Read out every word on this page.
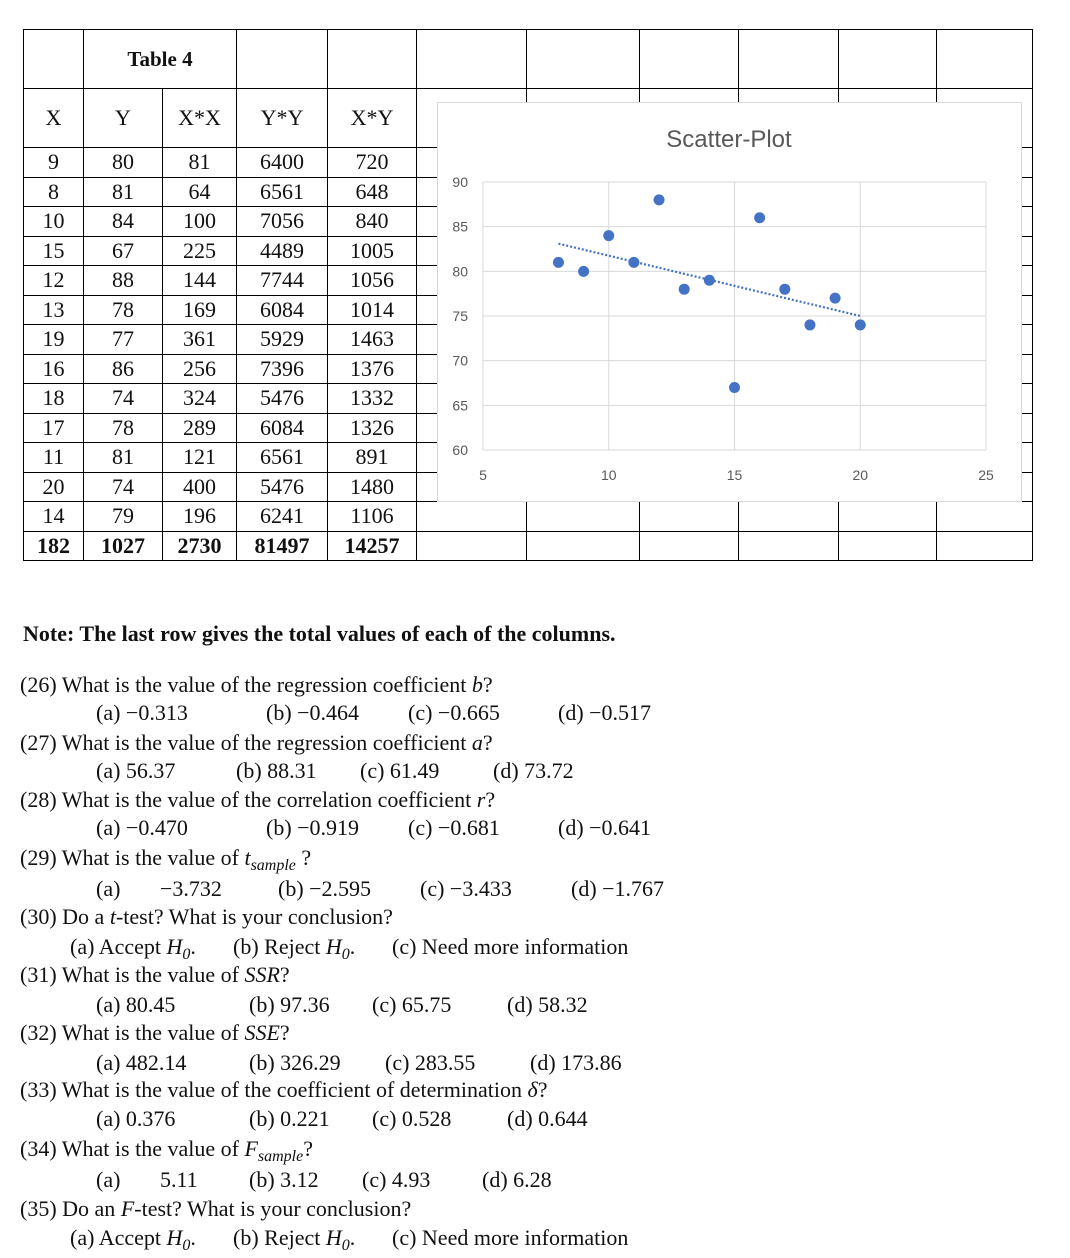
	Table 4									
X	Y	X*X	Y*Y	X*Y						
9	80	81	6400	720						
8	81	64	6561	648						
10	84	100	7056	840						
15	67	225	4489	1005						
12	88	144	7744	1056						
13	78	169	6084	1014						
19	77	361	5929	1463						
16	86	256	7396	1376						
18	74	324	5476	1332						
17	78	289	6084	1326						
11	81	121	6561	891						
20	74	400	5476	1480						
14	79	196	6241	1106						
182	1027	2730	81497	14257						
Scatter-Plot
60
65
70
75
80
85
90
5	10	15	20	25
Note: The last row gives the total values of each of the columns.
(26) What is the value of the regression coefficient b?
(a) −0.313	(b) −0.464 (c) −0.665	(d) −0.517
(27) What is the value of the regression coefficient a?
(a) 56.37	(b) 88.31 (c) 61.49 (d) 73.72
(28) What is the value of the correlation coefficient r?
(a) −0.470	(b) −0.919 (c) −0.681	(d) −0.641
(29) What is the value of $t_{sample}$ ?
(a) −3.732	(b) −2.595 (c) −3.433	(d) −1.767
(30) Do a t-test? What is your conclusion?
(a) Accept $H_0$. (b) Reject $H_0$. (c) Need more information
(31) What is the value of SSR?
(a) 80.45	(b) 97.36 (c) 65.75	(d) 58.32
(32) What is the value of SSE?
(a) 482.14	(b) 326.29 (c) 283.55 (d) 173.86
(33) What is the value of the coefficient of determination δ?
(a) 0.376	(b) 0.221 (c) 0.528	(d) 0.644
(34) What is the value of $F_{sample}$?
(a) 5.11 (b) 3.12 (c) 4.93 (d) 6.28
(35) Do an F-test? What is your conclusion?
(a) Accept $H_0$. (b) Reject $H_0$. (c) Need more information
